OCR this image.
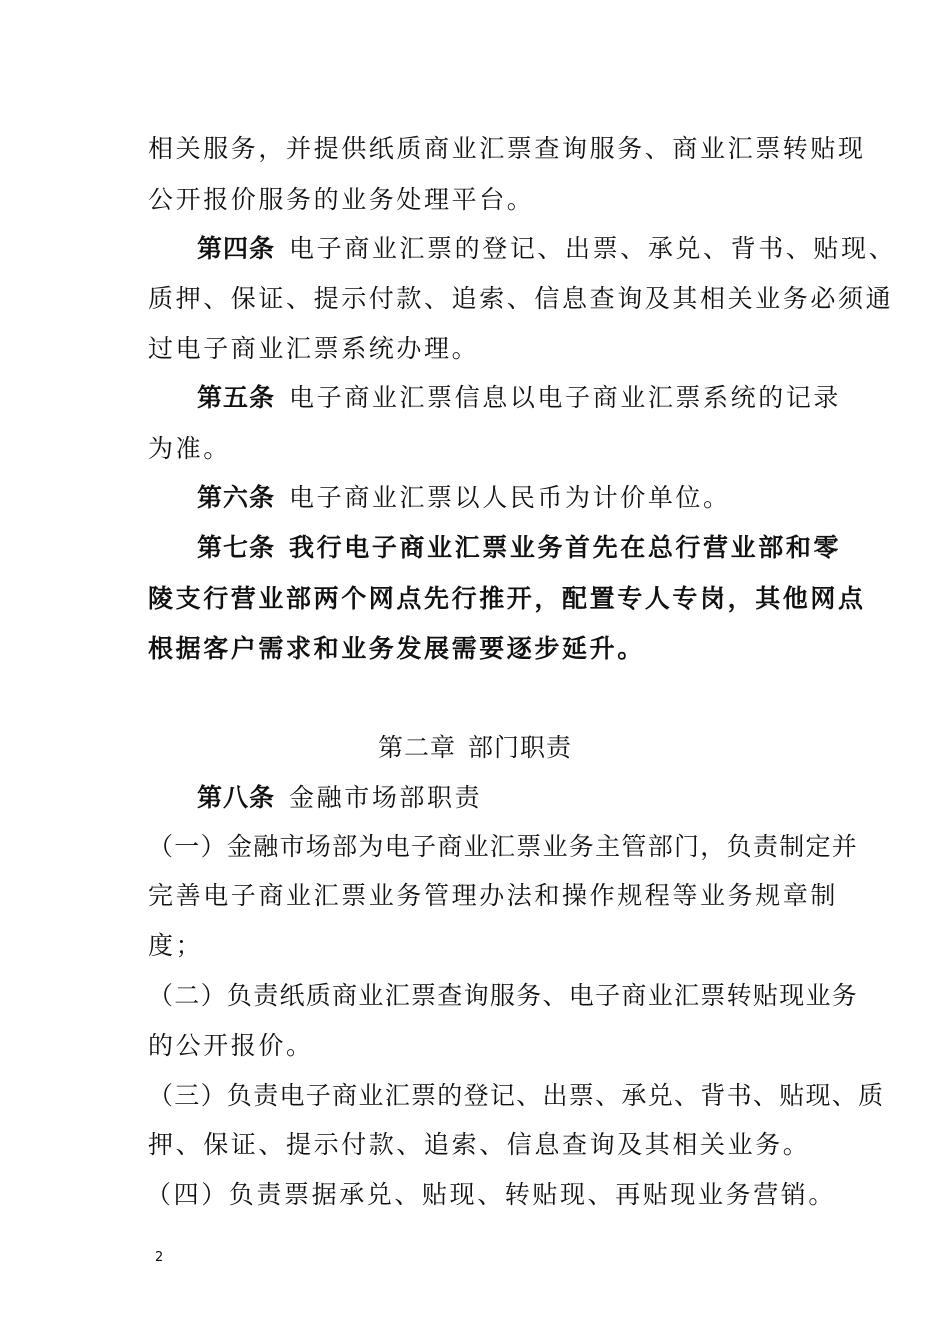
相关服务，并提供纸质商业汇票查询服务、商业汇票转贴现
公开报价服务的业务处理平台。
第四条 电子商业汇票的登记、出票、承兑、背书、贴现、
质押、保证、提示付款、追索、信息查询及其相关业务必须通
过电子商业汇票系统办理。
第五条 电子商业汇票信息以电子商业汇票系统的记录
为准。
第六条 电子商业汇票以人民币为计价单位。
第七条 我行电子商业汇票业务首先在总行营业部和零
陵支行营业部两个网点先行推开，配置专人专岗，其他网点
根据客户需求和业务发展需要逐步延升。
第二章 部门职责
第八条 金融市场部职责
（一）金融市场部为电子商业汇票业务主管部门，负责制定并
完善电子商业汇票业务管理办法和操作规程等业务规章制
度；
（二）负责纸质商业汇票查询服务、电子商业汇票转贴现业务
的公开报价。
（三）负责电子商业汇票的登记、出票、承兑、背书、贴现、质
押、保证、提示付款、追索、信息查询及其相关业务。
（四）负责票据承兑、贴现、转贴现、再贴现业务营销。
2
